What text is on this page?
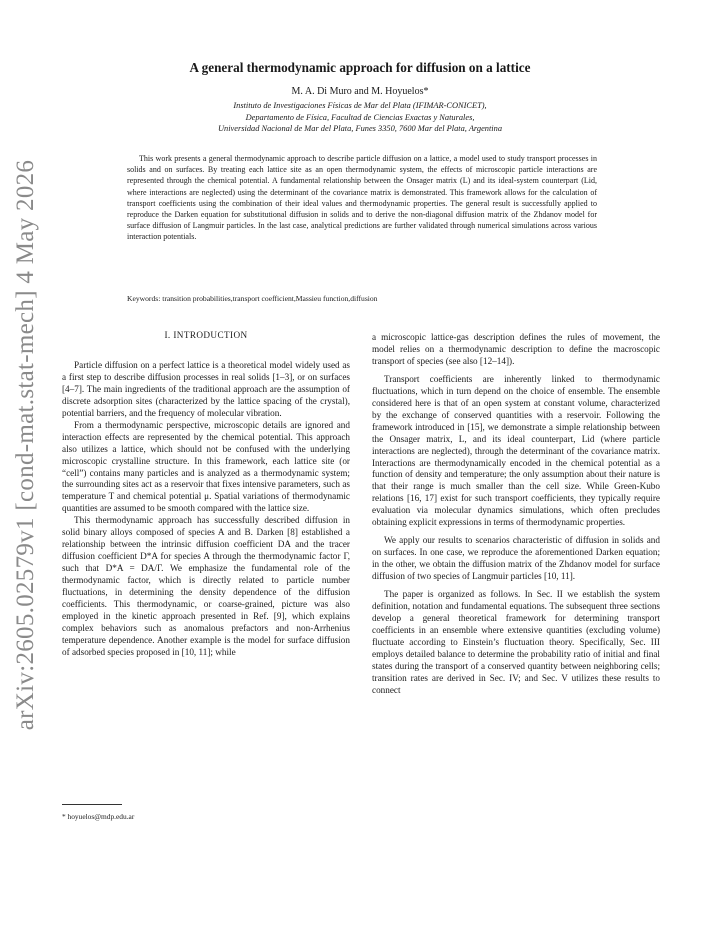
arXiv:2605.02579v1 [cond-mat.stat-mech] 4 May 2026
A general thermodynamic approach for diffusion on a lattice
M. A. Di Muro and M. Hoyuelos*
Instituto de Investigaciones Físicas de Mar del Plata (IFIMAR-CONICET),
Departamento de Física, Facultad de Ciencias Exactas y Naturales,
Universidad Nacional de Mar del Plata, Funes 3350, 7600 Mar del Plata, Argentina
This work presents a general thermodynamic approach to describe particle diffusion on a lattice, a model used to study transport processes in solids and on surfaces. By treating each lattice site as an open thermodynamic system, the effects of microscopic particle interactions are represented through the chemical potential. A fundamental relationship between the Onsager matrix (L) and its ideal-system counterpart (Lid, where interactions are neglected) using the determinant of the covariance matrix is demonstrated. This framework allows for the calculation of transport coefficients using the combination of their ideal values and thermodynamic properties. The general result is successfully applied to reproduce the Darken equation for substitutional diffusion in solids and to derive the non-diagonal diffusion matrix of the Zhdanov model for surface diffusion of Langmuir particles. In the last case, analytical predictions are further validated through numerical simulations across various interaction potentials.
Keywords: transition probabilities,transport coefficient,Massieu function,diffusion
I. INTRODUCTION

Particle diffusion on a perfect lattice is a theoretical model widely used as a first step to describe diffusion processes in real solids [1–3], or on surfaces [4–7]. The main ingredients of the traditional approach are the assumption of discrete adsorption sites (characterized by the lattice spacing of the crystal), potential barriers, and the frequency of molecular vibration.

From a thermodynamic perspective, microscopic details are ignored and interaction effects are represented by the chemical potential. This approach also utilizes a lattice, which should not be confused with the underlying microscopic crystalline structure. In this framework, each lattice site (or “cell”) contains many particles and is analyzed as a thermodynamic system; the surrounding sites act as a reservoir that fixes intensive parameters, such as temperature T and chemical potential μ. Spatial variations of thermodynamic quantities are assumed to be smooth compared with the lattice size.

This thermodynamic approach has successfully described diffusion in solid binary alloys composed of species A and B. Darken [8] established a relationship between the intrinsic diffusion coefficient DA and the tracer diffusion coefficient D*A for species A through the thermodynamic factor Γ, such that D*A = DA/Γ. We emphasize the fundamental role of the thermodynamic factor, which is directly related to particle number fluctuations, in determining the density dependence of the diffusion coefficients. This thermodynamic, or coarse-grained, picture was also employed in the kinetic approach presented in Ref. [9], which explains complex behaviors such as anomalous prefactors and non-Arrhenius temperature dependence. Another example is the model for surface diffusion of adsorbed species proposed in [10, 11]; while

a microscopic lattice-gas description defines the rules of movement, the model relies on a thermodynamic description to define the macroscopic transport of species (see also [12–14]).

Transport coefficients are inherently linked to thermodynamic fluctuations, which in turn depend on the choice of ensemble. The ensemble considered here is that of an open system at constant volume, characterized by the exchange of conserved quantities with a reservoir. Following the framework introduced in [15], we demonstrate a simple relationship between the Onsager matrix, L, and its ideal counterpart, Lid (where particle interactions are neglected), through the determinant of the covariance matrix. Interactions are thermodynamically encoded in the chemical potential as a function of density and temperature; the only assumption about their nature is that their range is much smaller than the cell size. While Green-Kubo relations [16, 17] exist for such transport coefficients, they typically require evaluation via molecular dynamics simulations, which often precludes obtaining explicit expressions in terms of thermodynamic properties.

We apply our results to scenarios characteristic of diffusion in solids and on surfaces. In one case, we reproduce the aforementioned Darken equation; in the other, we obtain the diffusion matrix of the Zhdanov model for surface diffusion of two species of Langmuir particles [10, 11].

The paper is organized as follows. In Sec. II we establish the system definition, notation and fundamental equations. The subsequent three sections develop a general theoretical framework for determining transport coefficients in an ensemble where extensive quantities (excluding volume) fluctuate according to Einstein’s fluctuation theory. Specifically, Sec. III employs detailed balance to determine the probability ratio of initial and final states during the transport of a conserved quantity between neighboring cells; transition rates are derived in Sec. IV; and Sec. V utilizes these results to connect

* hoyuelos@mdp.edu.ar
